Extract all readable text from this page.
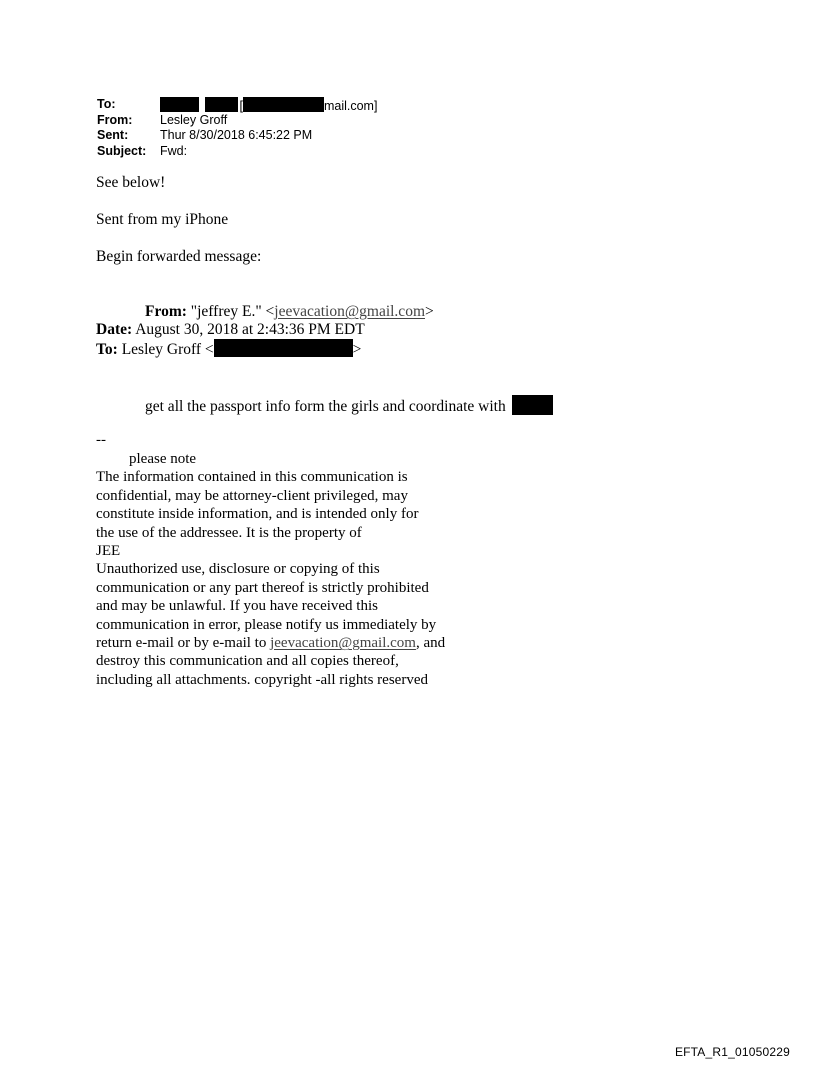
To:	[	mail.com]
From: Lesley Groff
Sent:	Thur 8/30/2018 6:45:22 PM
Subject: Fwd:
See below!
Sent from my iPhone
Begin forwarded message:
From: "jeffrey E." <jeevacation@gmail.com>
Date: August 30, 2018 at 2:43:36 PM EDT
To: Lesley Groff <	>
get all the passport info form the girls and coordinate with
--
please note
The information contained in this communication is
confidential, may be attorney-client privileged, may
constitute inside information, and is intended only for
the use of the addressee. It is the property of
JEE
Unauthorized use, disclosure or copying of this
communication or any part thereof is strictly prohibited
and may be unlawful. If you have received this
communication in error, please notify us immediately by
return e-mail or by e-mail to jeevacation@gmail.com, and
destroy this communication and all copies thereof,
including all attachments. copyright -all rights reserved
EFTA_R1_01050229
